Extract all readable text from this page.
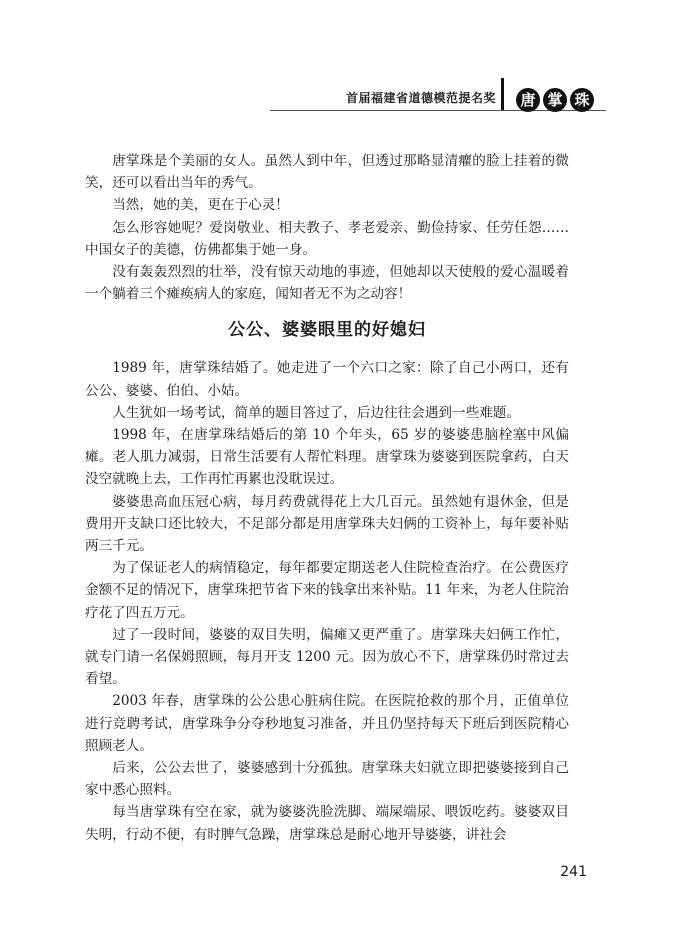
首届福建省道德模范提名奖 唐 掌 珠

唐掌珠是个美丽的女人。虽然人到中年，但透过那略显清癯的脸上挂着的微笑，还可以看出当年的秀气。

当然，她的美，更在于心灵！

怎么形容她呢？爱岗敬业、相夫教子、孝老爱亲、勤俭持家、任劳任怨……中国女子的美德，仿佛都集于她一身。

没有轰轰烈烈的壮举，没有惊天动地的事迹，但她却以天使般的爱心温暖着一个躺着三个瘫痪病人的家庭，闻知者无不为之动容！

公公、婆婆眼里的好媳妇

1989 年，唐掌珠结婚了。她走进了一个六口之家：除了自己小两口，还有公公、婆婆、伯伯、小姑。

人生犹如一场考试，简单的题目答过了，后边往往会遇到一些难题。

1998 年，在唐掌珠结婚后的第 10 个年头，65 岁的婆婆患脑栓塞中风偏瘫。老人肌力减弱，日常生活要有人帮忙料理。唐掌珠为婆婆到医院拿药，白天没空就晚上去，工作再忙再累也没耽误过。

婆婆患高血压冠心病，每月药费就得花上大几百元。虽然她有退休金，但是费用开支缺口还比较大，不足部分都是用唐掌珠夫妇俩的工资补上，每年要补贴两三千元。

为了保证老人的病情稳定，每年都要定期送老人住院检查治疗。在公费医疗金额不足的情况下，唐掌珠把节省下来的钱拿出来补贴。11 年来，为老人住院治疗花了四五万元。

过了一段时间，婆婆的双目失明，偏瘫又更严重了。唐掌珠夫妇俩工作忙，就专门请一名保姆照顾，每月开支 1200 元。因为放心不下，唐掌珠仍时常过去看望。

2003 年春，唐掌珠的公公患心脏病住院。在医院抢救的那个月，正值单位进行竞聘考试，唐掌珠争分夺秒地复习准备，并且仍坚持每天下班后到医院精心照顾老人。

后来，公公去世了，婆婆感到十分孤独。唐掌珠夫妇就立即把婆婆接到自己家中悉心照料。

每当唐掌珠有空在家，就为婆婆洗脸洗脚、端屎端尿、喂饭吃药。婆婆双目失明，行动不便，有时脾气急躁，唐掌珠总是耐心地开导婆婆，讲社会

241
